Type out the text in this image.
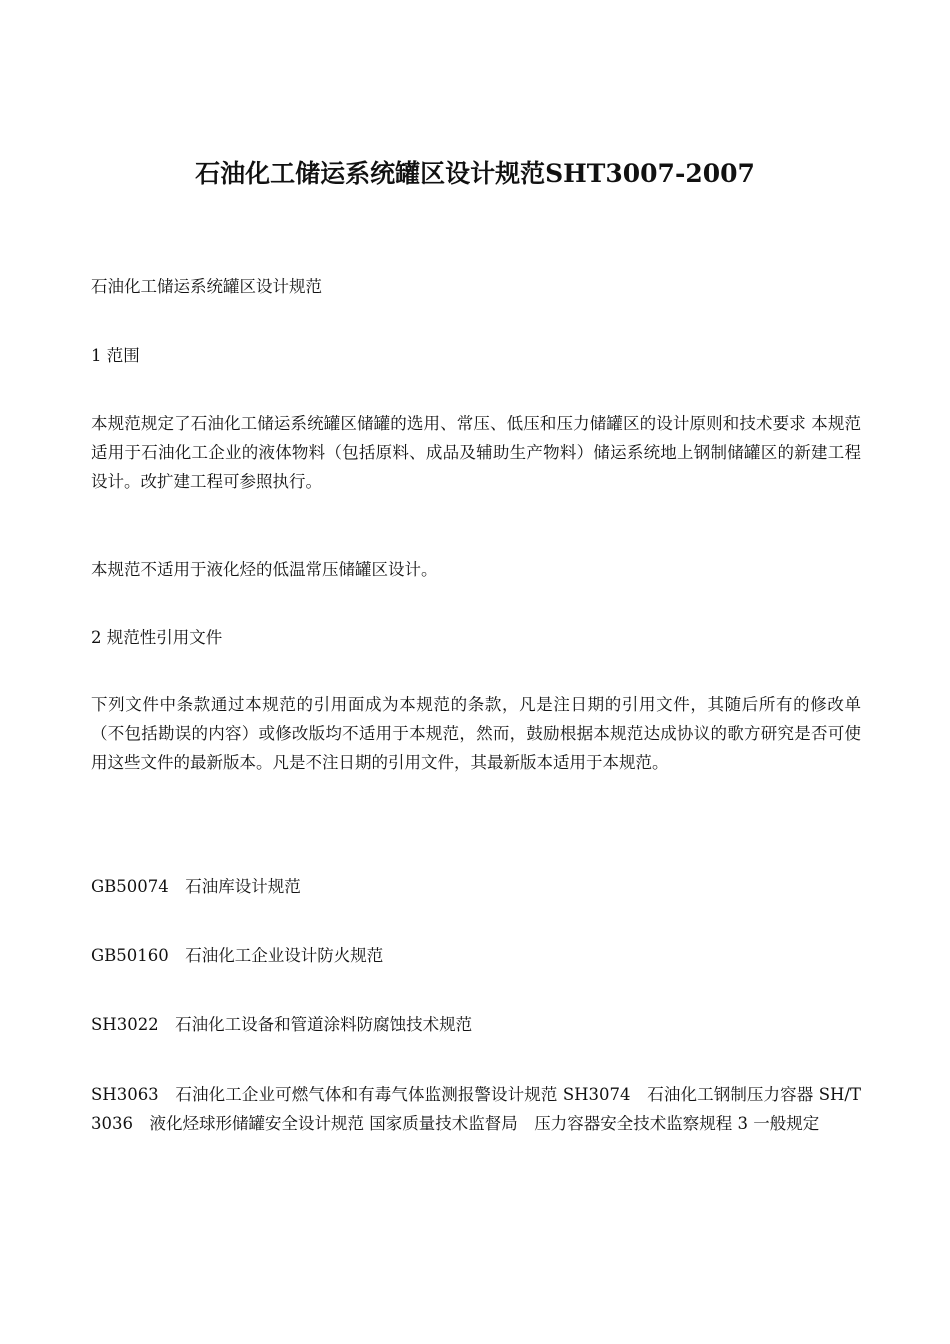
石油化工储运系统罐区设计规范SHT3007-2007

石油化工储运系统罐区设计规范

1 范围

本规范规定了石油化工储运系统罐区储罐的选用、常压、低压和压力储罐区的设计原则和技术要求 本规范适用于石油化工企业的液体物料（包括原料、成品及辅助生产物料）储运系统地上钢制储罐区的新建工程设计。改扩建工程可参照执行。

本规范不适用于液化烃的低温常压储罐区设计。

2 规范性引用文件

下列文件中条款通过本规范的引用面成为本规范的条款，凡是注日期的引用文件，其随后所有的修改单（不包括勘误的内容）或修改版均不适用于本规范，然而，鼓励根据本规范达成协议的歌方研究是否可使用这些文件的最新版本。凡是不注日期的引用文件，其最新版本适用于本规范。

GB50074　石油库设计规范

GB50160　石油化工企业设计防火规范

SH3022　石油化工设备和管道涂料防腐蚀技术规范

SH3063　石油化工企业可燃气体和有毒气体监测报警设计规范 SH3074　石油化工钢制压力容器 SH/T3036　液化烃球形储罐安全设计规范 国家质量技术监督局　压力容器安全技术监察规程 3 一般规定
